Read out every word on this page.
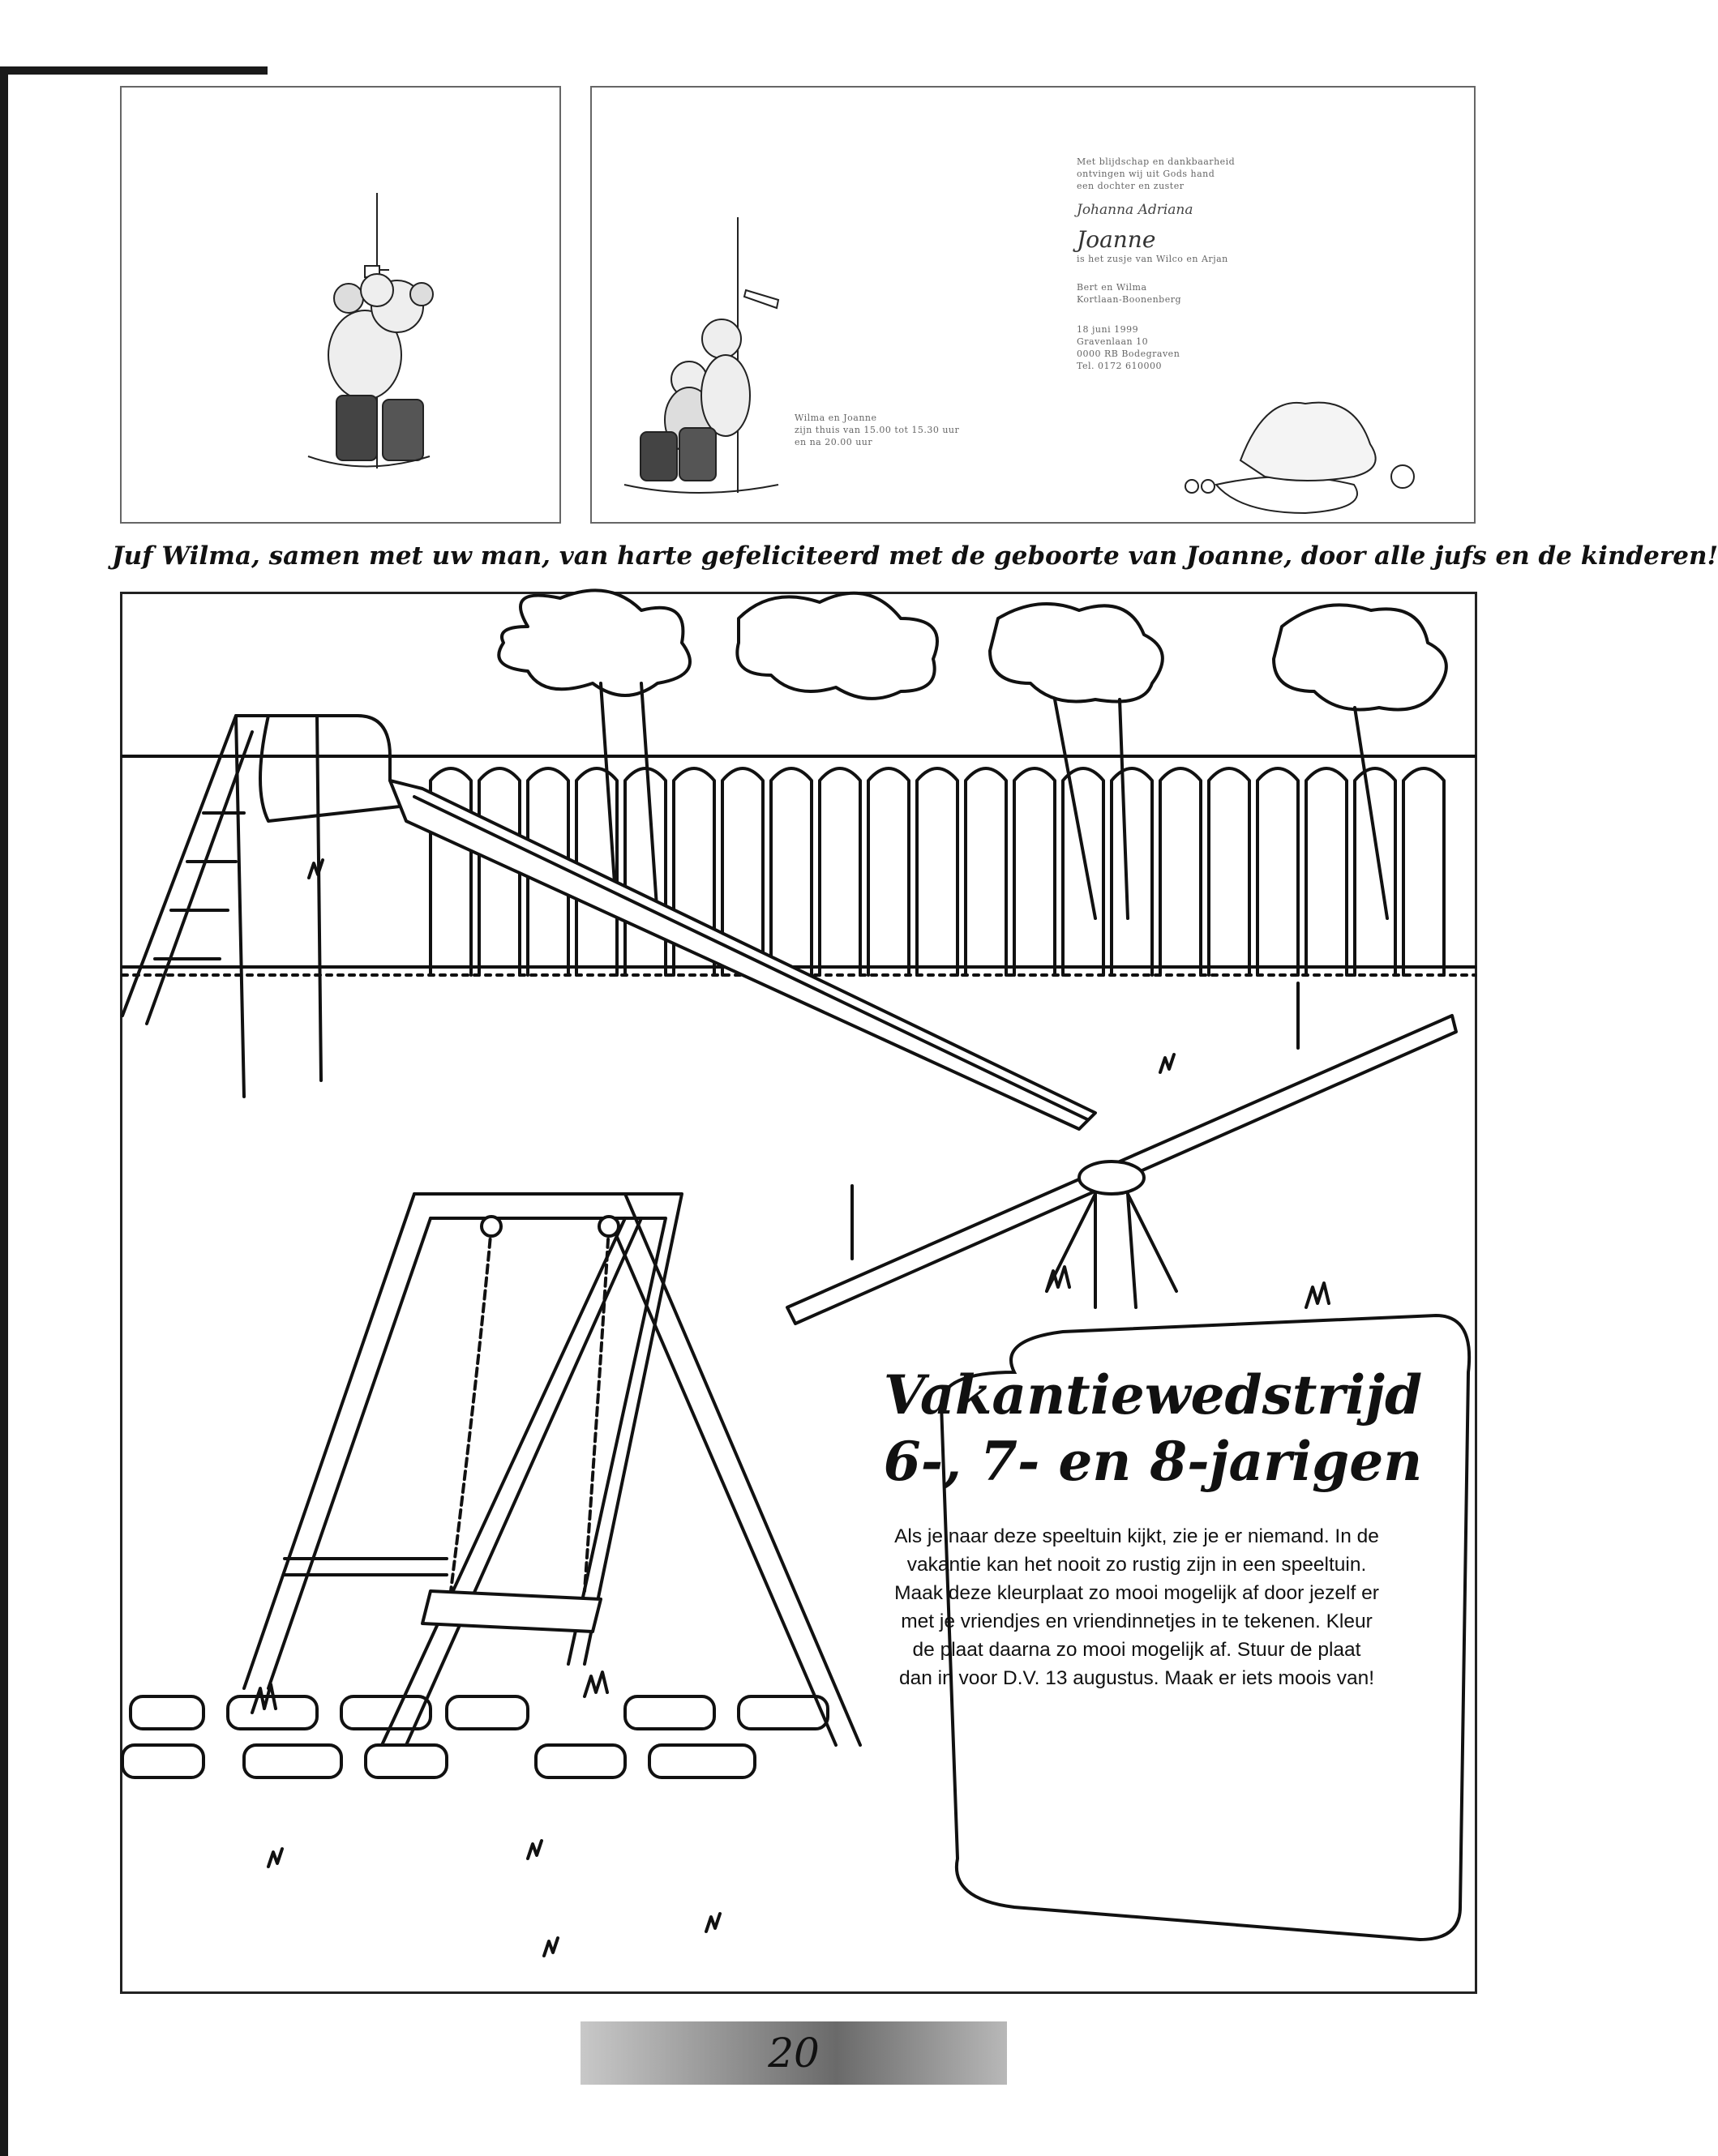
Met blijdschap en dankbaarheid
ontvingen wij uit Gods hand
een dochter en zuster
Johanna Adriana
Joanne
is het zusje van Wilco en Arjan
Bert en Wilma
Kortlaan-Boonenberg
18 juni 1999
Gravenlaan 10
0000 RB Bodegraven
Tel. 0172 610000
Wilma en Joanne
zijn thuis van 15.00 tot 15.30 uur
en na 20.00 uur
Juf Wilma, samen met uw man, van harte gefeliciteerd met de geboorte van Joanne, door alle jufs en de kinderen!
Vakantiewedstrijd
6-, 7- en 8-jarigen
Als je naar deze speeltuin kijkt, zie je er niemand. In de vakantie kan het nooit zo rustig zijn in een speeltuin. Maak deze kleurplaat zo mooi mogelijk af door jezelf er met je vriendjes en vriendinnetjes in te tekenen. Kleur de plaat daarna zo mooi mogelijk af. Stuur de plaat dan in voor D.V. 13 augustus. Maak er iets moois van!
20
